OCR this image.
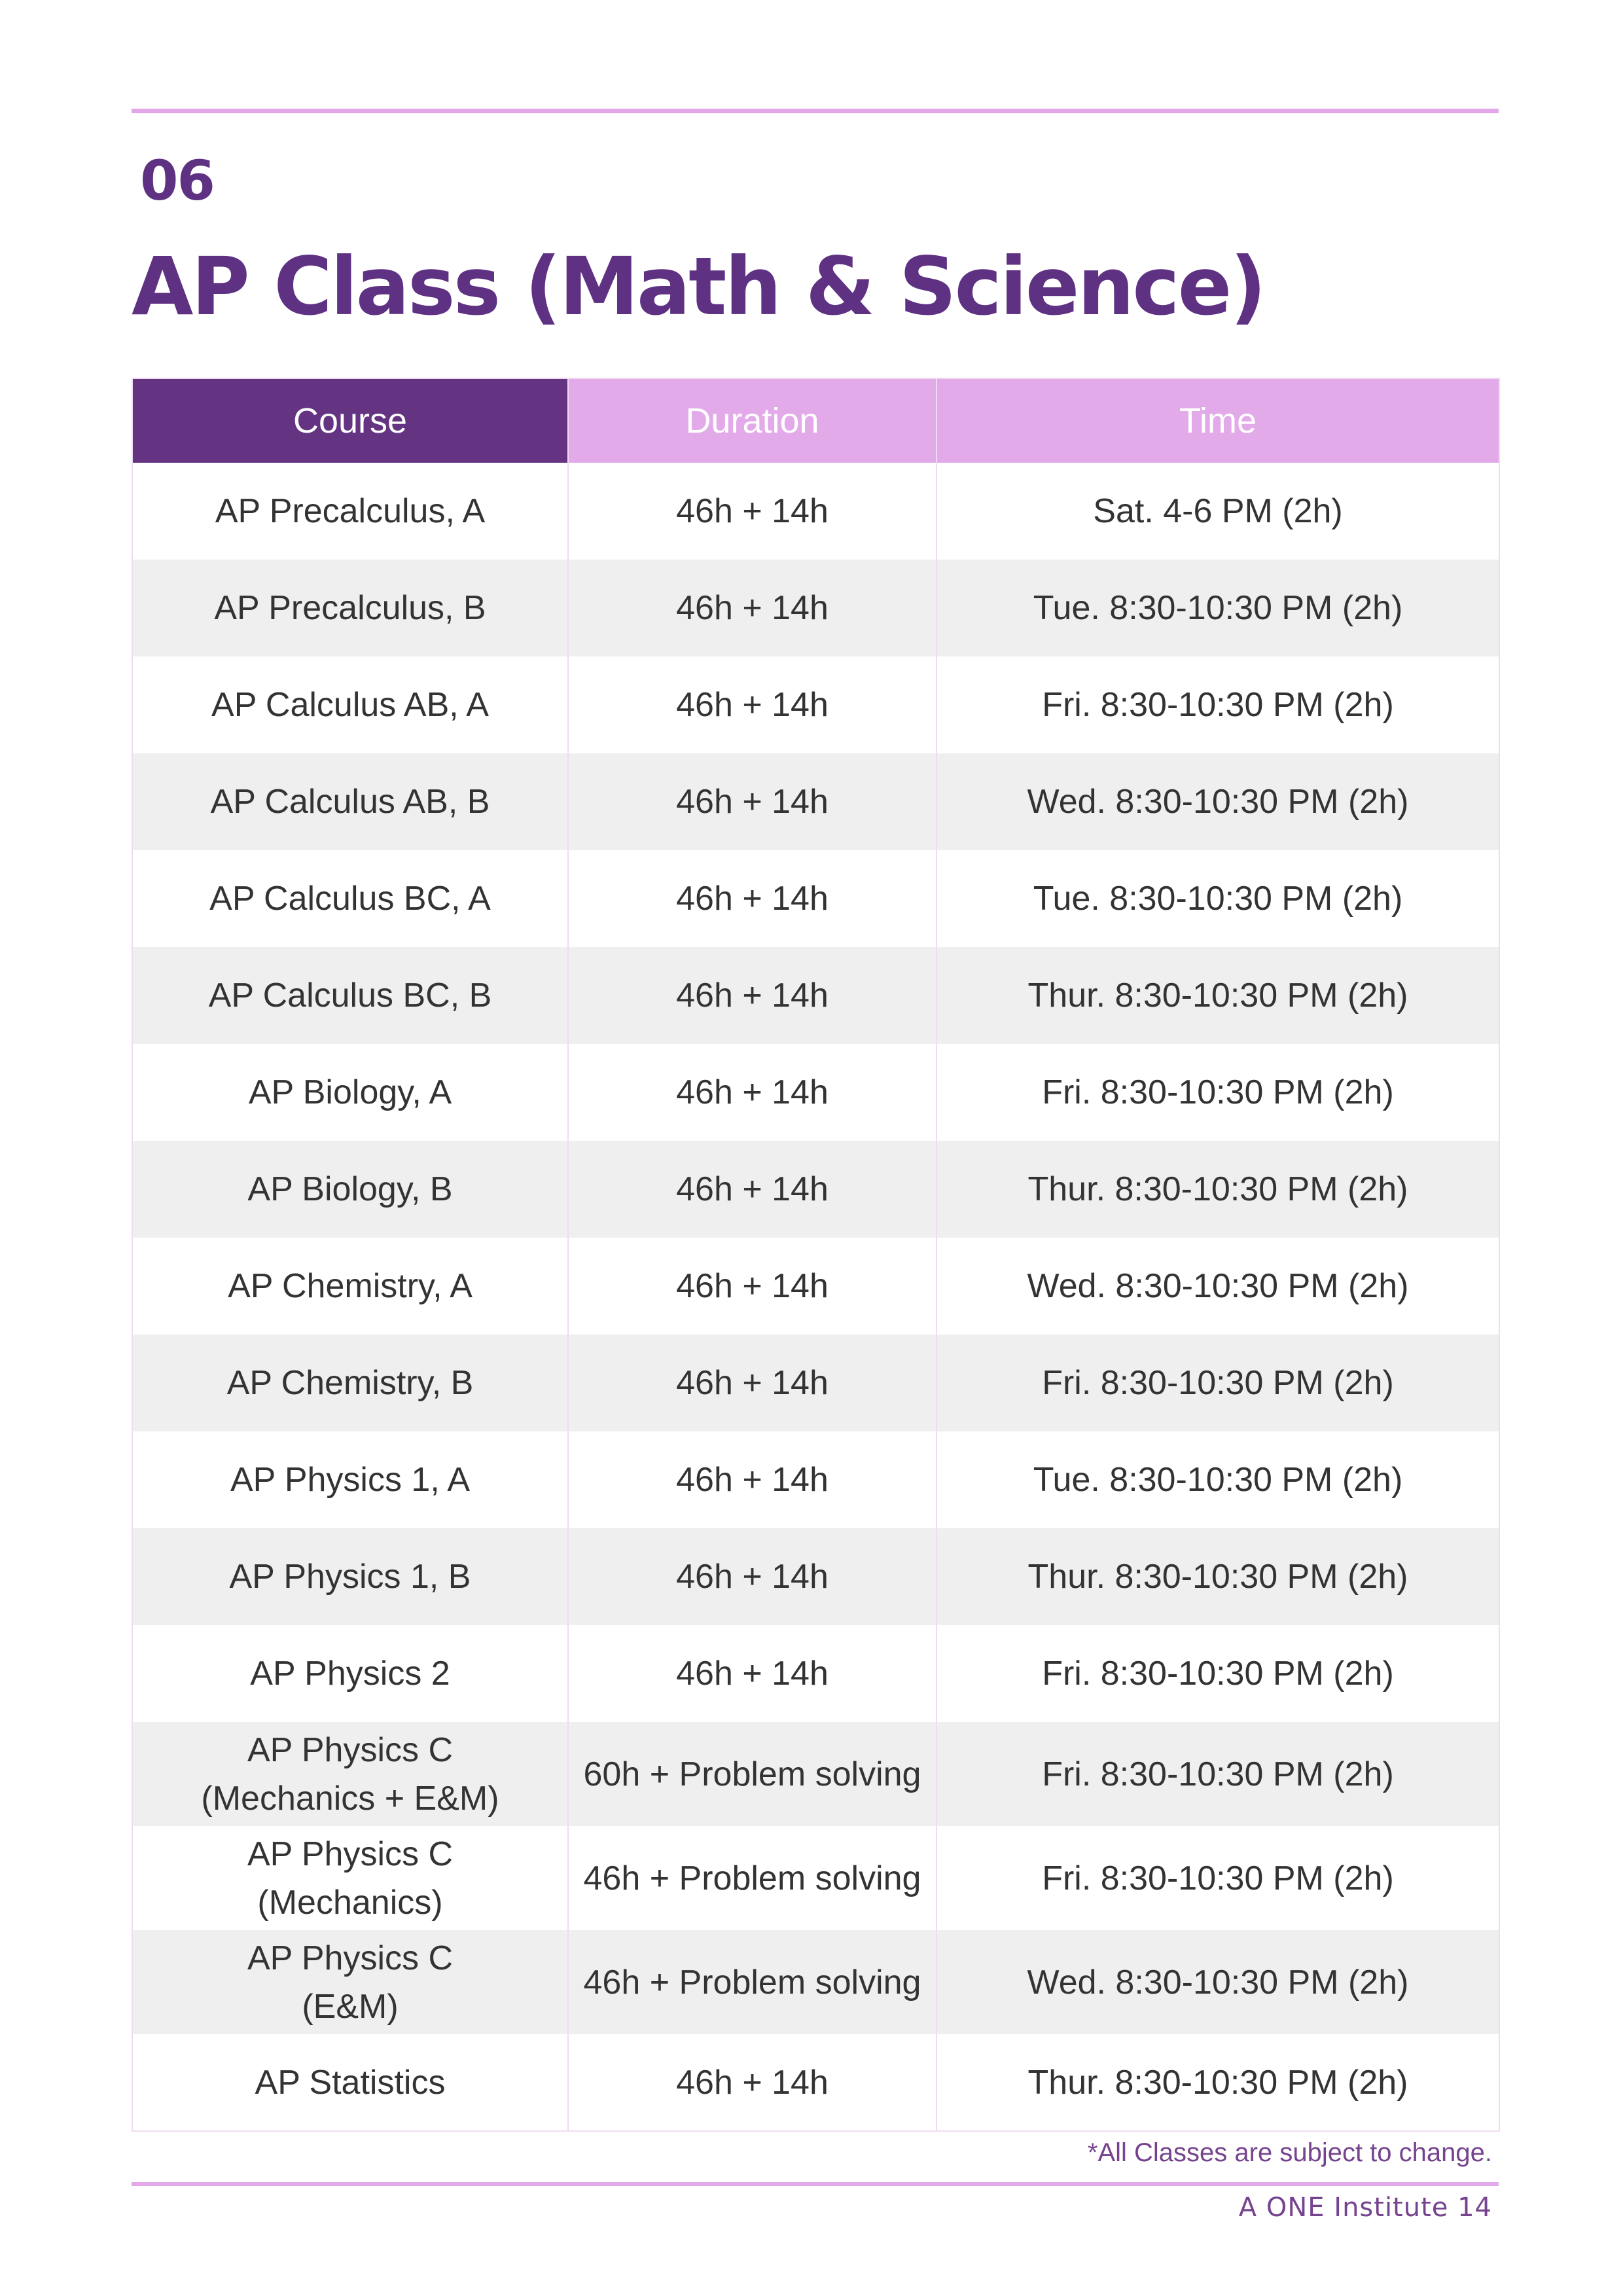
06
AP Class (Math & Science)
Course	Duration	Time

AP Precalculus, A	46h + 14h	Sat. 4-6 PM (2h)

AP Precalculus, B	46h + 14h	Tue. 8:30-10:30 PM (2h)

AP Calculus AB, A	46h + 14h	Fri. 8:30-10:30 PM (2h)

AP Calculus AB, B	46h + 14h	Wed. 8:30-10:30 PM (2h)

AP Calculus BC, A	46h + 14h	Tue. 8:30-10:30 PM (2h)

AP Calculus BC, B	46h + 14h	Thur. 8:30-10:30 PM (2h)

AP Biology, A	46h + 14h	Fri. 8:30-10:30 PM (2h)

AP Biology, B	46h + 14h	Thur. 8:30-10:30 PM (2h)

AP Chemistry, A	46h + 14h	Wed. 8:30-10:30 PM (2h)

AP Chemistry, B	46h + 14h	Fri. 8:30-10:30 PM (2h)

AP Physics 1, A	46h + 14h	Tue. 8:30-10:30 PM (2h)

AP Physics 1, B	46h + 14h	Thur. 8:30-10:30 PM (2h)

AP Physics 2	46h + 14h	Fri. 8:30-10:30 PM (2h)

AP Physics C
(Mechanics + E&M)	60h + Problem solving	Fri. 8:30-10:30 PM (2h)

AP Physics C
(Mechanics)	46h + Problem solving	Fri. 8:30-10:30 PM (2h)

AP Physics C
(E&M)	46h + Problem solving	Wed. 8:30-10:30 PM (2h)

AP Statistics	46h + 14h	Thur. 8:30-10:30 PM (2h)
*All Classes are subject to change.
A ONE Institute 14
